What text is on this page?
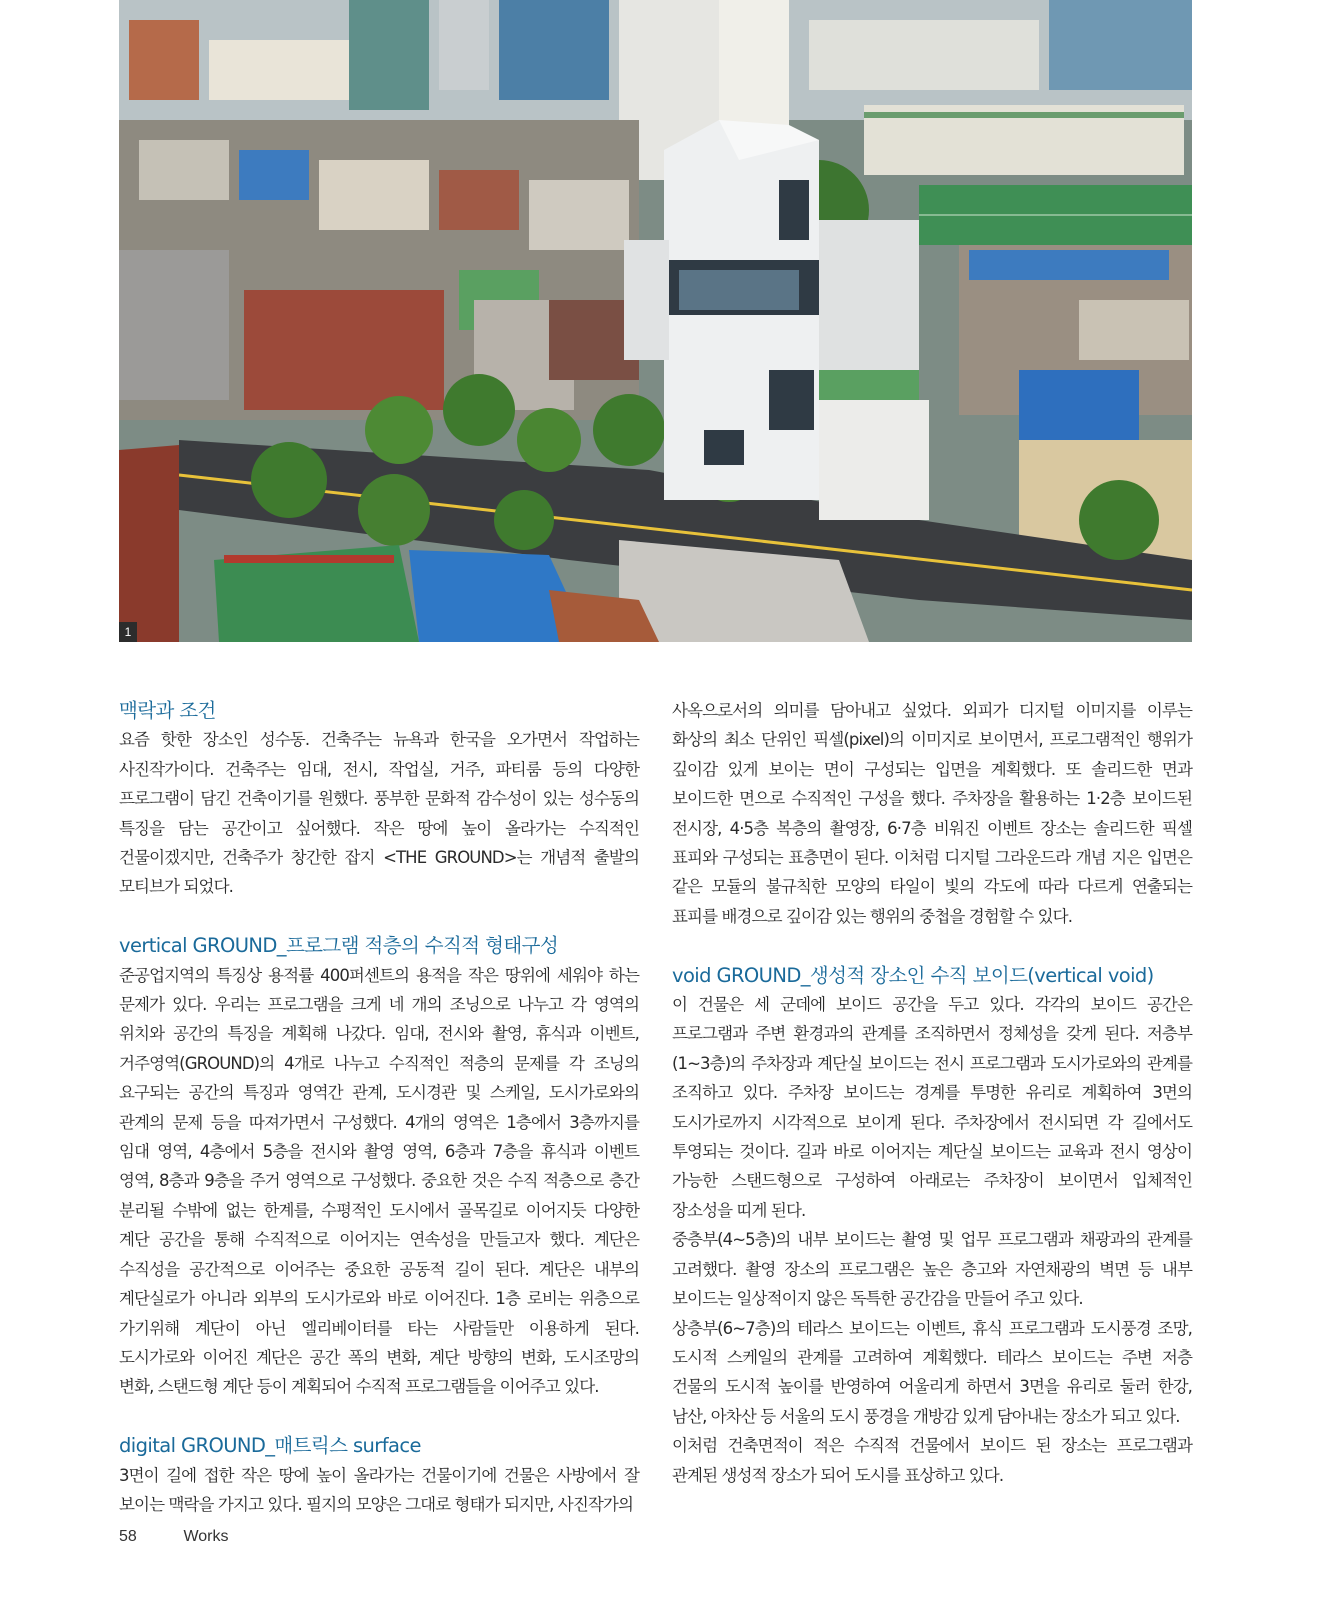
1
맥락과 조건

요즘 핫한 장소인 성수동. 건축주는 뉴욕과 한국을 오가면서 작업하는 사진작가이다. 건축주는 임대, 전시, 작업실, 거주, 파티룸 등의 다양한 프로그램이 담긴 건축이기를 원했다. 풍부한 문화적 감수성이 있는 성수동의 특징을 담는 공간이고 싶어했다. 작은 땅에 높이 올라가는 수직적인 건물이겠지만, 건축주가 창간한 잡지 <THE GROUND>는 개념적 출발의 모티브가 되었다.

vertical GROUND_프로그램 적층의 수직적 형태구성

준공업지역의 특징상 용적률 400퍼센트의 용적을 작은 땅위에 세워야 하는 문제가 있다. 우리는 프로그램을 크게 네 개의 조닝으로 나누고 각 영역의 위치와 공간의 특징을 계획해 나갔다. 임대, 전시와 촬영, 휴식과 이벤트, 거주영역(GROUND)의 4개로 나누고 수직적인 적층의 문제를 각 조닝의 요구되는 공간의 특징과 영역간 관계, 도시경관 및 스케일, 도시가로와의 관계의 문제 등을 따져가면서 구성했다. 4개의 영역은 1층에서 3층까지를 임대 영역, 4층에서 5층을 전시와 촬영 영역, 6층과 7층을 휴식과 이벤트 영역, 8층과 9층을 주거 영역으로 구성했다. 중요한 것은 수직 적층으로 층간 분리될 수밖에 없는 한계를, 수평적인 도시에서 골목길로 이어지듯 다양한 계단 공간을 통해 수직적으로 이어지는 연속성을 만들고자 했다. 계단은 수직성을 공간적으로 이어주는 중요한 공동적 길이 된다. 계단은 내부의 계단실로가 아니라 외부의 도시가로와 바로 이어진다. 1층 로비는 위층으로 가기위해 계단이 아닌 엘리베이터를 타는 사람들만 이용하게 된다. 도시가로와 이어진 계단은 공간 폭의 변화, 계단 방향의 변화, 도시조망의 변화, 스탠드형 계단 등이 계획되어 수직적 프로그램들을 이어주고 있다.

digital GROUND_매트릭스 surface

3면이 길에 접한 작은 땅에 높이 올라가는 건물이기에 건물은 사방에서 잘 보이는 맥락을 가지고 있다. 필지의 모양은 그대로 형태가 되지만, 사진작가의

사옥으로서의 의미를 담아내고 싶었다. 외피가 디지털 이미지를 이루는 화상의 최소 단위인 픽셀(pixel)의 이미지로 보이면서, 프로그램적인 행위가 깊이감 있게 보이는 면이 구성되는 입면을 계획했다. 또 솔리드한 면과 보이드한 면으로 수직적인 구성을 했다. 주차장을 활용하는 1·2층 보이드된 전시장, 4·5층 복층의 촬영장, 6·7층 비워진 이벤트 장소는 솔리드한 픽셀 표피와 구성되는 표층면이 된다. 이처럼 디지털 그라운드라 개념 지은 입면은 같은 모듈의 불규칙한 모양의 타일이 빛의 각도에 따라 다르게 연출되는 표피를 배경으로 깊이감 있는 행위의 중첩을 경험할 수 있다.

void GROUND_생성적 장소인 수직 보이드(vertical void)

이 건물은 세 군데에 보이드 공간을 두고 있다. 각각의 보이드 공간은 프로그램과 주변 환경과의 관계를 조직하면서 정체성을 갖게 된다. 저층부(1~3층)의 주차장과 계단실 보이드는 전시 프로그램과 도시가로와의 관계를 조직하고 있다. 주차장 보이드는 경계를 투명한 유리로 계획하여 3면의 도시가로까지 시각적으로 보이게 된다. 주차장에서 전시되면 각 길에서도 투영되는 것이다. 길과 바로 이어지는 계단실 보이드는 교육과 전시 영상이 가능한 스탠드형으로 구성하여 아래로는 주차장이 보이면서 입체적인 장소성을 띠게 된다.

중층부(4~5층)의 내부 보이드는 촬영 및 업무 프로그램과 채광과의 관계를 고려했다. 촬영 장소의 프로그램은 높은 층고와 자연채광의 벽면 등 내부 보이드는 일상적이지 않은 독특한 공간감을 만들어 주고 있다.

상층부(6~7층)의 테라스 보이드는 이벤트, 휴식 프로그램과 도시풍경 조망, 도시적 스케일의 관계를 고려하여 계획했다. 테라스 보이드는 주변 저층 건물의 도시적 높이를 반영하여 어울리게 하면서 3면을 유리로 둘러 한강, 남산, 아차산 등 서울의 도시 풍경을 개방감 있게 담아내는 장소가 되고 있다.

이처럼 건축면적이 적은 수직적 건물에서 보이드 된 장소는 프로그램과 관계된 생성적 장소가 되어 도시를 표상하고 있다.

58	Works
